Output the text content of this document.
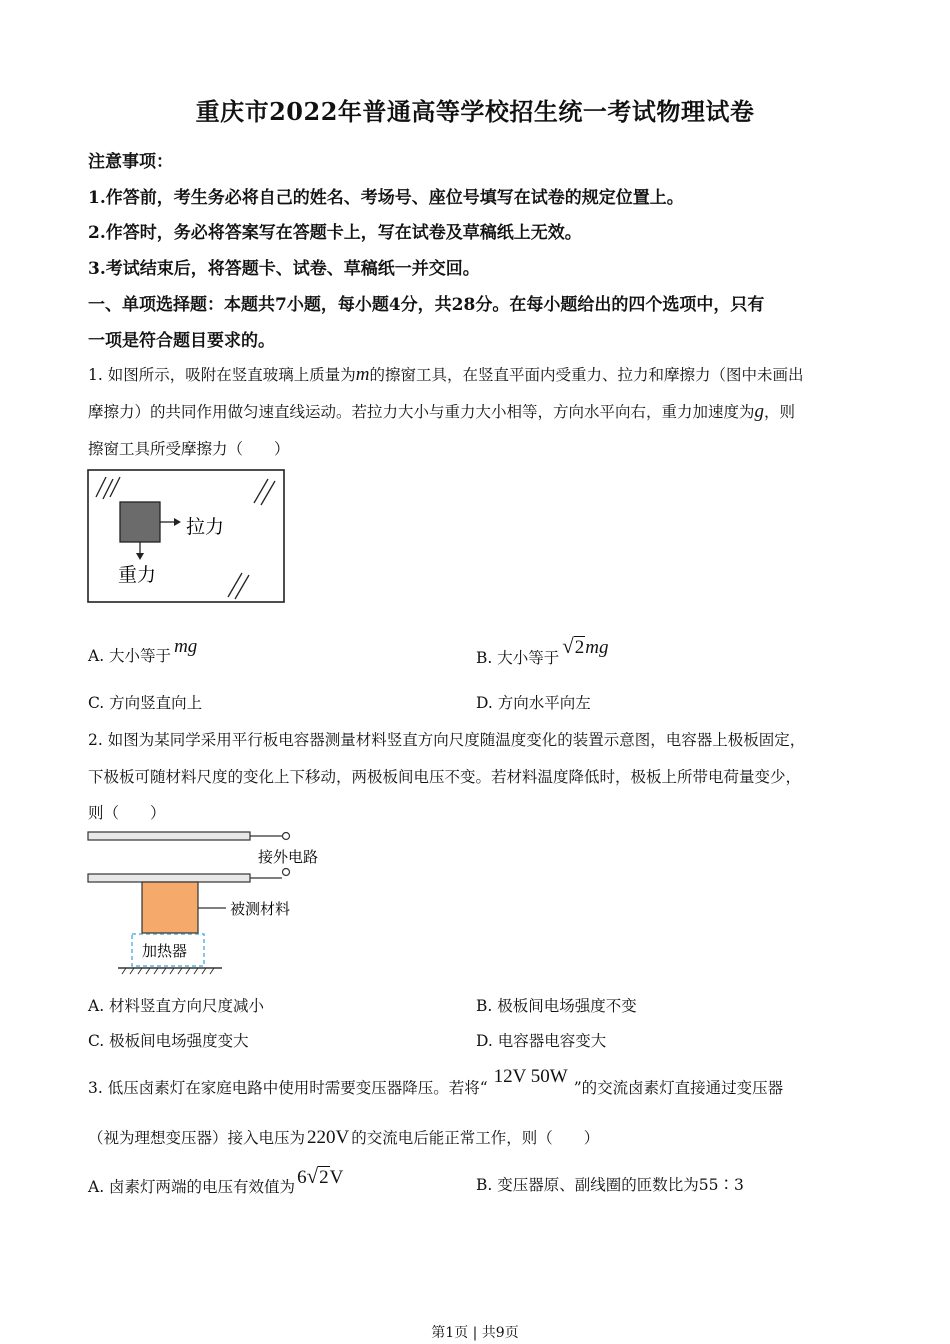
重庆市2022年普通高等学校招生统一考试物理试卷
注意事项：
1.作答前，考生务必将自己的姓名、考场号、座位号填写在试卷的规定位置上。
2.作答时，务必将答案写在答题卡上，写在试卷及草稿纸上无效。
3.考试结束后，将答题卡、试卷、草稿纸一并交回。
一、单项选择题：本题共7小题，每小题4分，共28分。在每小题给出的四个选项中，只有
一项是符合题目要求的。
1. 如图所示，吸附在竖直玻璃上质量为m的擦窗工具，在竖直平面内受重力、拉力和摩擦力（图中未画出
摩擦力）的共同作用做匀速直线运动。若拉力大小与重力大小相等，方向水平向右，重力加速度为g，则
擦窗工具所受摩擦力（　　）
拉力
重力
A. 大小等于 mg
B. 大小等于 √2mg
C. 方向竖直向上	D. 方向水平向左
2. 如图为某同学采用平行板电容器测量材料竖直方向尺度随温度变化的装置示意图，电容器上极板固定，
下极板可随材料尺度的变化上下移动，两极板间电压不变。若材料温度降低时，极板上所带电荷量变少，
则（　　）
接外电路
被测材料
加热器
A. 材料竖直方向尺度减小	B. 极板间电场强度不变
C. 极板间电场强度变大	D. 电容器电容变大
3. 低压卤素灯在家庭电路中使用时需要变压器降压。若将“12V 50W”的交流卤素灯直接通过变压器
（视为理想变压器）接入电压为 220V 的交流电后能正常工作，则（　　）
A. 卤素灯两端的电压有效值为 6√2V	B. 变压器原、副线圈的匝数比为55∶3
第1页 | 共9页
